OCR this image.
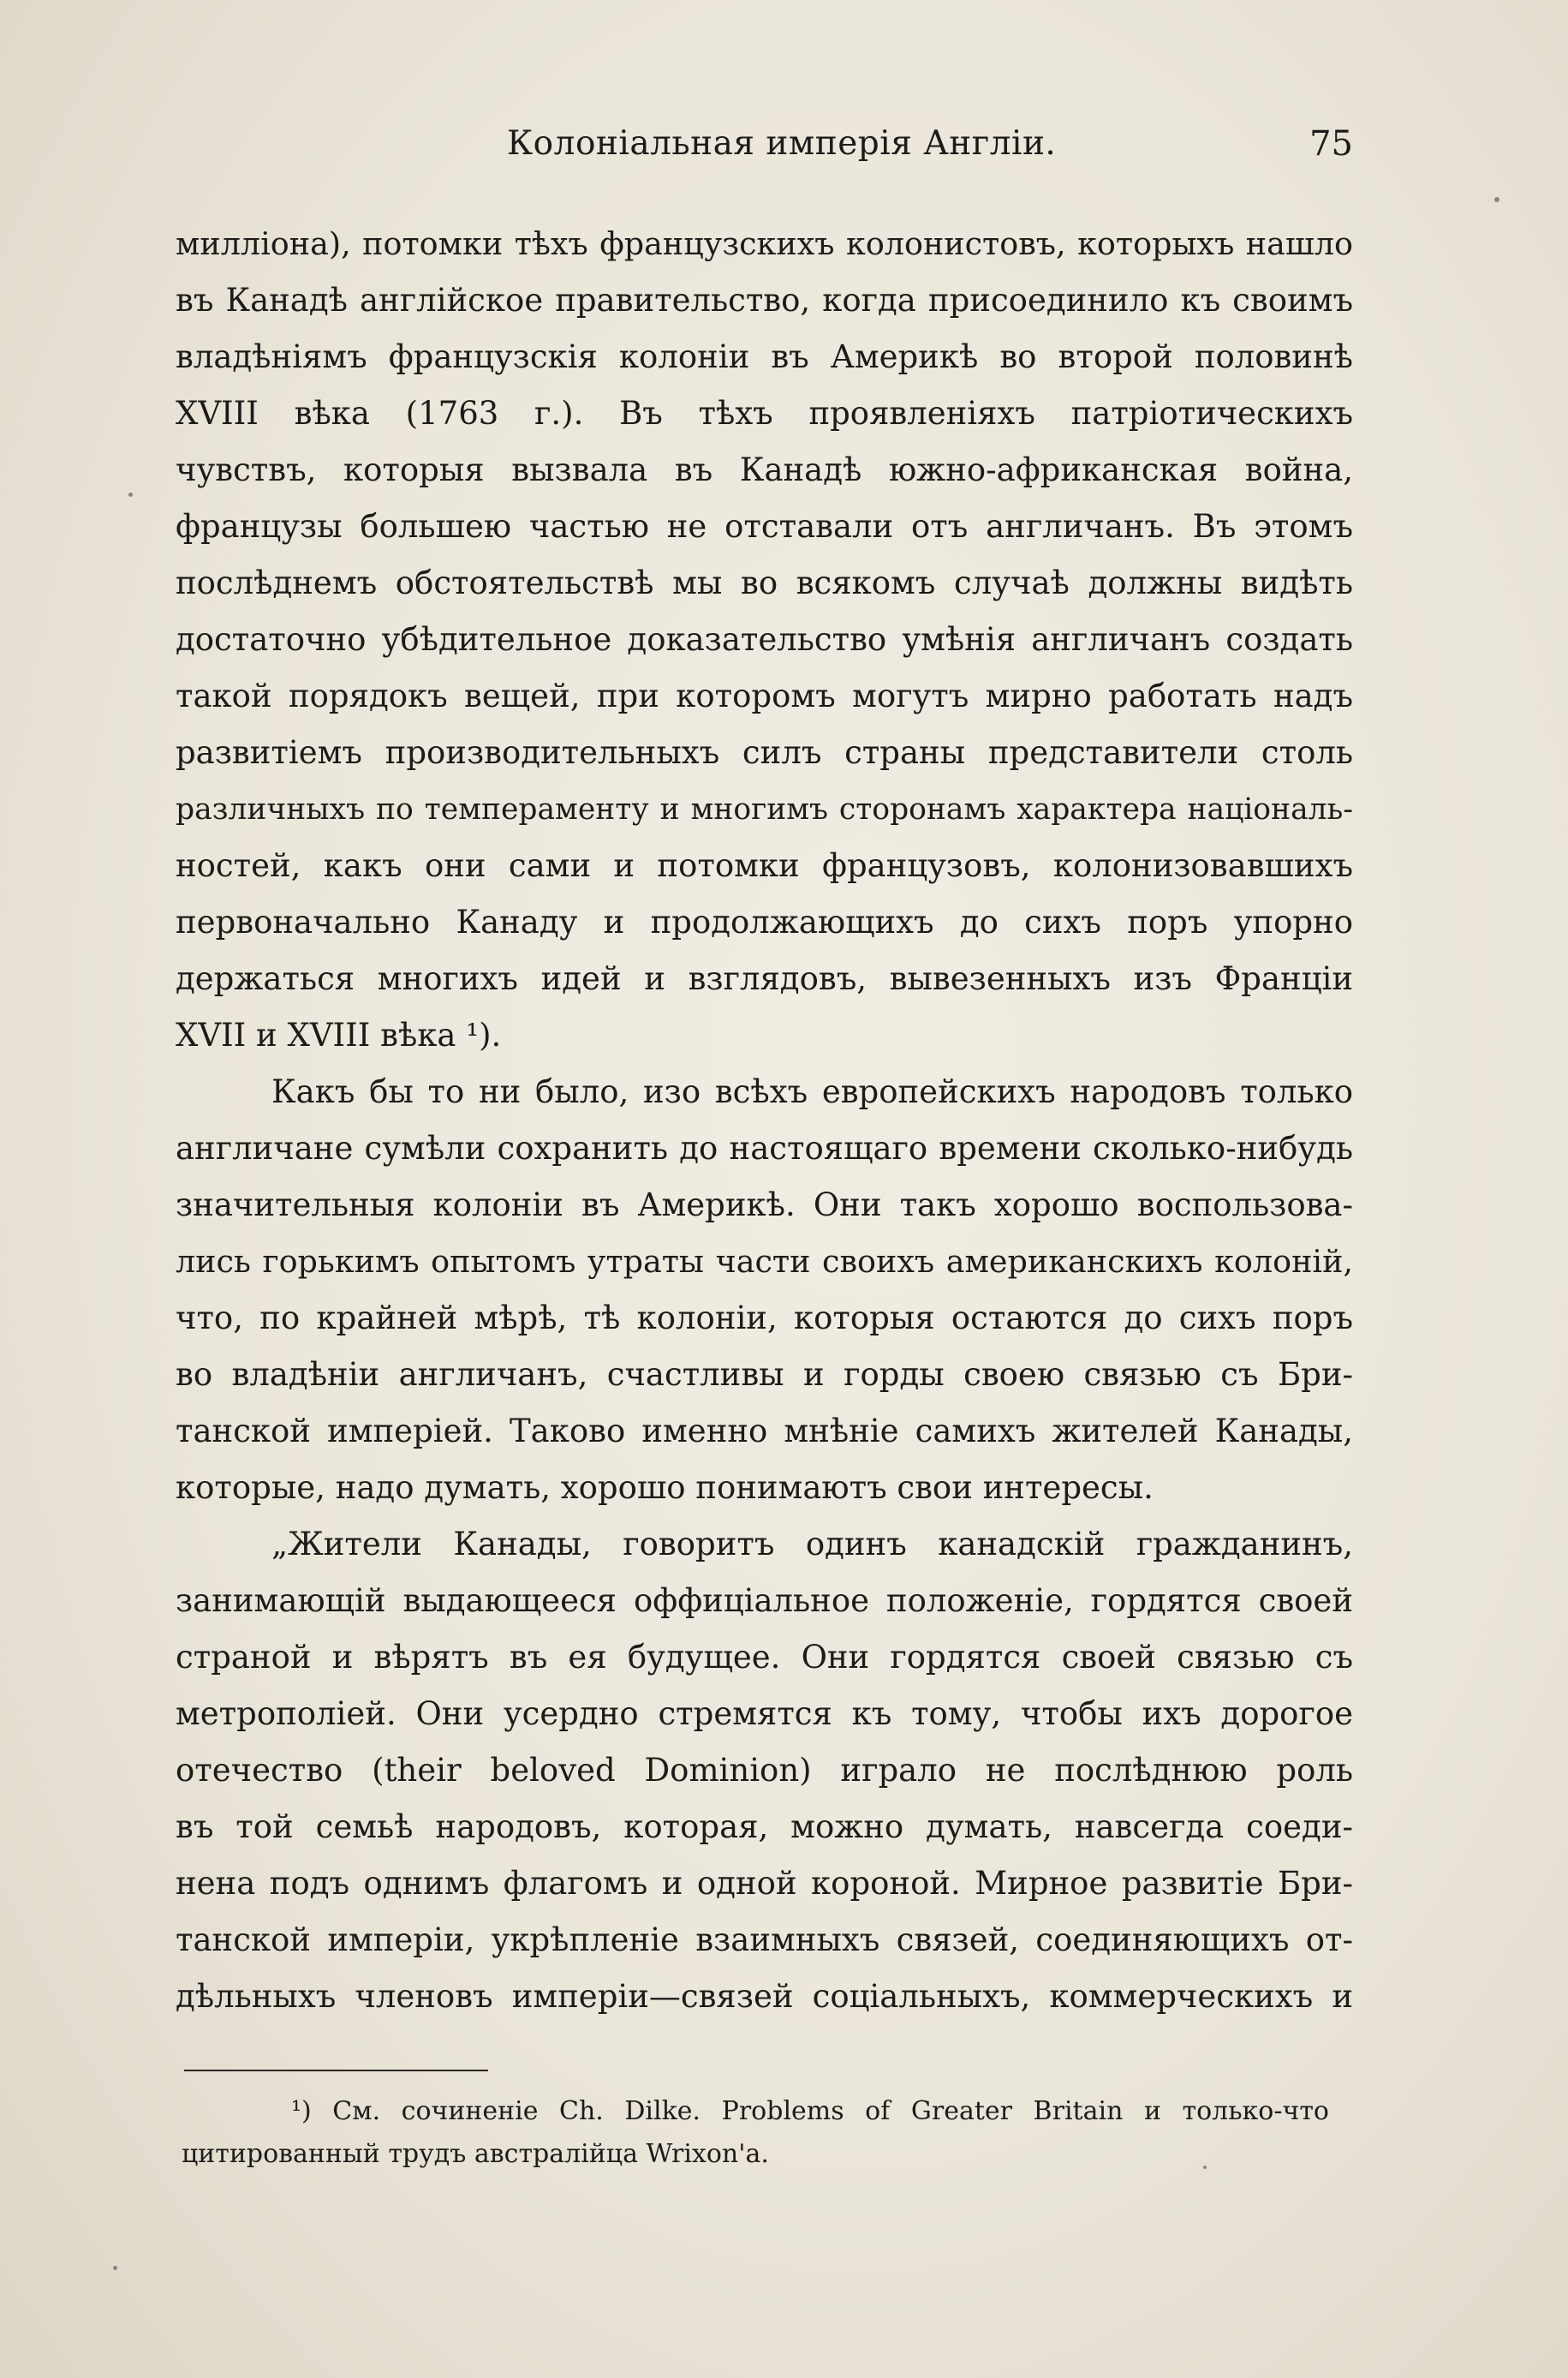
Колоніальная имперія Англіи.	75
милліона), потомки тѣхъ французскихъ колонистовъ, которыхъ нашло
въ Канадѣ англійское правительство, когда присоединило къ своимъ
владѣніямъ французскія колоніи въ Америкѣ во второй половинѣ
XVIII вѣка (1763 г.). Въ тѣхъ проявленіяхъ патріотическихъ
чувствъ, которыя вызвала въ Канадѣ южно-африканская война,
французы большею частью не отставали отъ англичанъ. Въ этомъ
послѣднемъ обстоятельствѣ мы во всякомъ случаѣ должны видѣть
достаточно убѣдительное доказательство умѣнія англичанъ создать
такой порядокъ вещей, при которомъ могутъ мирно работать надъ
развитіемъ производительныхъ силъ страны представители столь
различныхъ по темпераменту и многимъ сторонамъ характера національ-
ностей, какъ они сами и потомки французовъ, колонизовавшихъ
первоначально Канаду и продолжающихъ до сихъ поръ упорно
держаться многихъ идей и взглядовъ, вывезенныхъ изъ Франціи
XVII и XVIII вѣка ¹).
Какъ бы то ни было, изо всѣхъ европейскихъ народовъ только
англичане сумѣли сохранить до настоящаго времени сколько-нибудь
значительныя колоніи въ Америкѣ. Они такъ хорошо воспользова-
лись горькимъ опытомъ утраты части своихъ американскихъ колоній,
что, по крайней мѣрѣ, тѣ колоніи, которыя остаются до сихъ поръ
во владѣніи англичанъ, счастливы и горды своею связью съ Бри-
танской имперіей. Таково именно мнѣніе самихъ жителей Канады,
которые, надо думать, хорошо понимаютъ свои интересы.
„Жители Канады, говоритъ одинъ канадскій гражданинъ,
занимающій выдающееся оффиціальное положеніе, гордятся своей
страной и вѣрятъ въ ея будущее. Они гордятся своей связью съ
метрополіей. Они усердно стремятся къ тому, чтобы ихъ дорогое
отечество (their beloved Dominion) играло не послѣднюю роль
въ той семьѣ народовъ, которая, можно думать, навсегда соеди-
нена подъ однимъ флагомъ и одной короной. Мирное развитіе Бри-
танской имперіи, укрѣпленіе взаимныхъ связей, соединяющихъ от-
дѣльныхъ членовъ имперіи—связей соціальныхъ, коммерческихъ и
¹) См. сочиненіе Ch. Dilke. Problems of Greater Britain и только-что
цитированный трудъ австралійца Wrixon'a.
